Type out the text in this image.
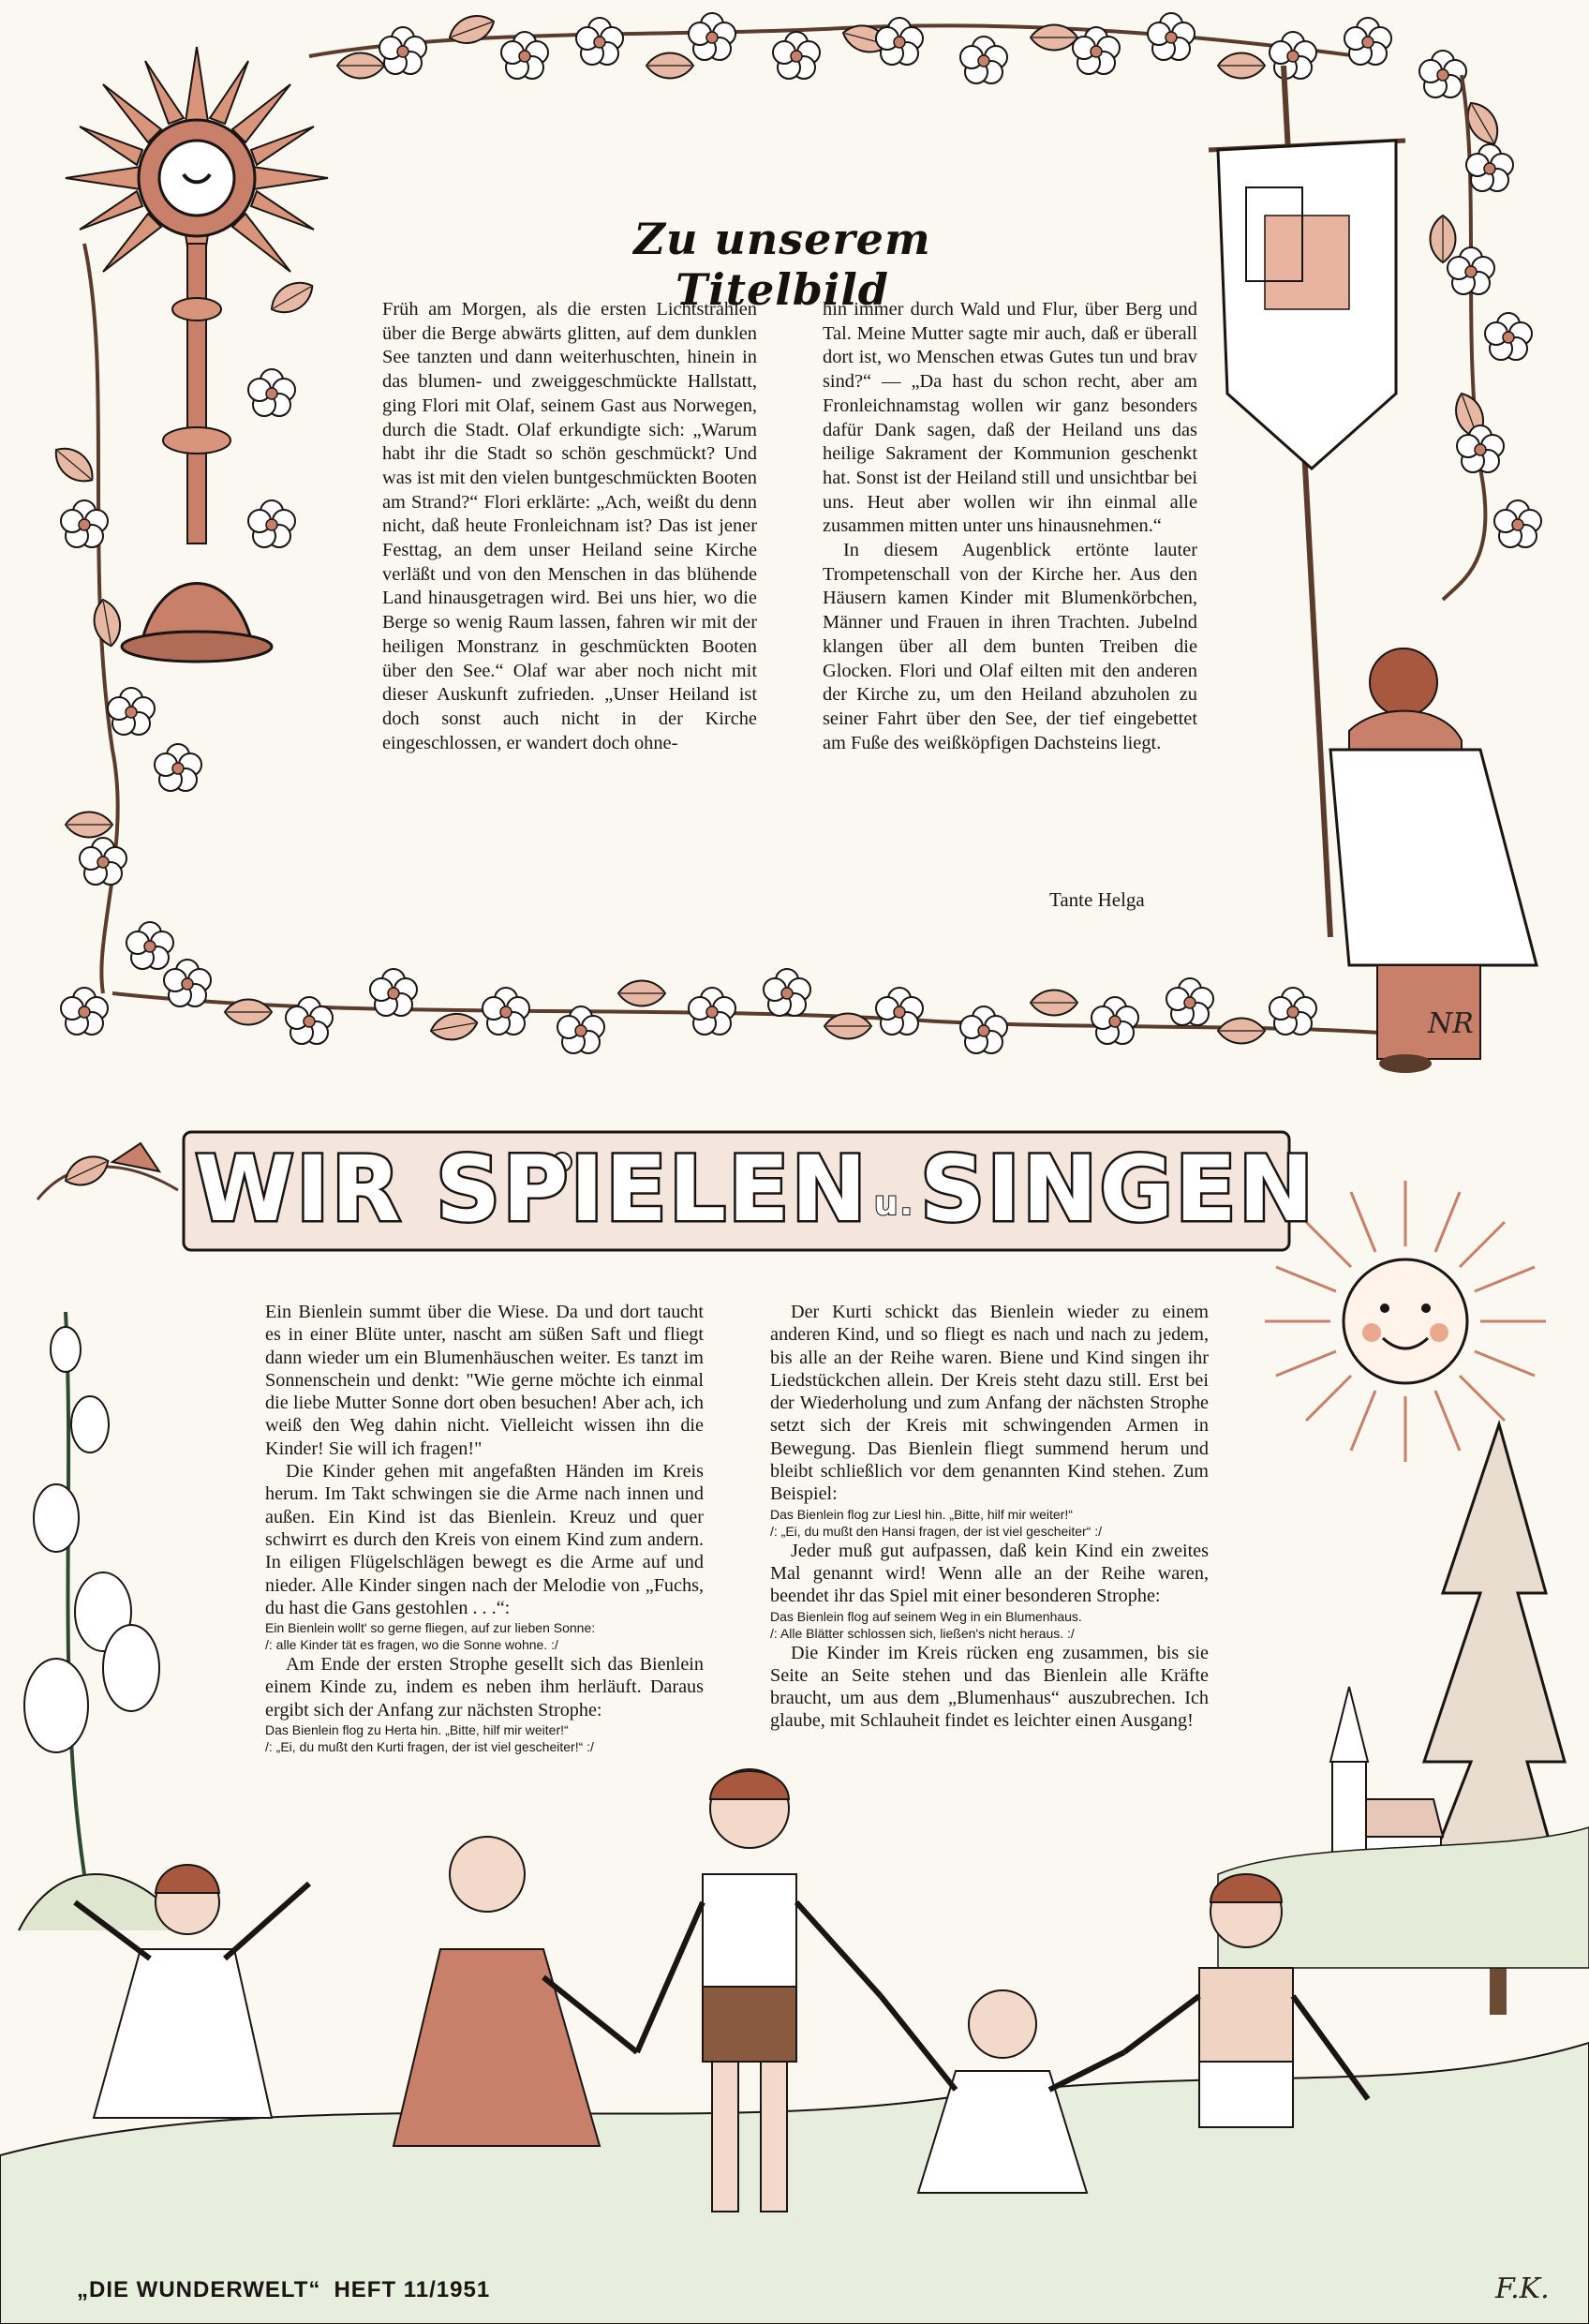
Zu unserem Titelbild

Früh am Morgen, als die ersten Lichtstrahlen über die Berge abwärts glitten, auf dem dunklen See tanzten und dann weiterhuschten, hinein in das blumen- und zweiggeschmückte Hallstatt, ging Flori mit Olaf, seinem Gast aus Norwegen, durch die Stadt. Olaf erkundigte sich: „Warum habt ihr die Stadt so schön geschmückt? Und was ist mit den vielen buntgeschmückten Booten am Strand?“ Flori erklärte: „Ach, weißt du denn nicht, daß heute Fronleichnam ist? Das ist jener Festtag, an dem unser Heiland seine Kirche verläßt und von den Menschen in das blühende Land hinausgetragen wird. Bei uns hier, wo die Berge so wenig Raum lassen, fahren wir mit der heiligen Monstranz in geschmückten Booten über den See.“ Olaf war aber noch nicht mit dieser Auskunft zufrieden. „Unser Heiland ist doch sonst auch nicht in der Kirche eingeschlossen, er wandert doch ohne-

hin immer durch Wald und Flur, über Berg und Tal. Meine Mutter sagte mir auch, daß er überall dort ist, wo Menschen etwas Gutes tun und brav sind?“ — „Da hast du schon recht, aber am Fronleichnamstag wollen wir ganz besonders dafür Dank sagen, daß der Heiland uns das heilige Sakrament der Kommunion geschenkt hat. Sonst ist der Heiland still und unsichtbar bei uns. Heut aber wollen wir ihn einmal alle zusammen mitten unter uns hinausnehmen.“

In diesem Augenblick ertönte lauter Trompetenschall von der Kirche her. Aus den Häusern kamen Kinder mit Blumenkörbchen, Männer und Frauen in ihren Trachten. Jubelnd klangen über all dem bunten Treiben die Glocken. Flori und Olaf eilten mit den anderen der Kirche zu, um den Heiland abzuholen zu seiner Fahrt über den See, der tief eingebettet am Fuße des weißköpfigen Dachsteins liegt.

Tante Helga
NR
WIR SPIELEN u.SINGEN

Ein Bienlein summt über die Wiese. Da und dort taucht es in einer Blüte unter, nascht am süßen Saft und fliegt dann wieder um ein Blumenhäuschen weiter. Es tanzt im Sonnenschein und denkt: "Wie gerne möchte ich einmal die liebe Mutter Sonne dort oben besuchen! Aber ach, ich weiß den Weg dahin nicht. Vielleicht wissen ihn die Kinder! Sie will ich fragen!"

Die Kinder gehen mit angefaßten Händen im Kreis herum. Im Takt schwingen sie die Arme nach innen und außen. Ein Kind ist das Bienlein. Kreuz und quer schwirrt es durch den Kreis von einem Kind zum andern. In eiligen Flügelschlägen bewegt es die Arme auf und nieder. Alle Kinder singen nach der Melodie von „Fuchs, du hast die Gans gestohlen . . .“:

Ein Bienlein wollt' so gerne fliegen, auf zur lieben Sonne:

/: alle Kinder tät es fragen, wo die Sonne wohne. :/

Am Ende der ersten Strophe gesellt sich das Bienlein einem Kinde zu, indem es neben ihm herläuft. Daraus ergibt sich der Anfang zur nächsten Strophe:

Das Bienlein flog zu Herta hin. „Bitte, hilf mir weiter!“

/: „Ei, du mußt den Kurti fragen, der ist viel gescheiter!“ :/

Der Kurti schickt das Bienlein wieder zu einem anderen Kind, und so fliegt es nach und nach zu jedem, bis alle an der Reihe waren. Biene und Kind singen ihr Liedstückchen allein. Der Kreis steht dazu still. Erst bei der Wiederholung und zum Anfang der nächsten Strophe setzt sich der Kreis mit schwingenden Armen in Bewegung. Das Bienlein fliegt summend herum und bleibt schließlich vor dem genannten Kind stehen. Zum Beispiel:

Das Bienlein flog zur Liesl hin. „Bitte, hilf mir weiter!“

/: „Ei, du mußt den Hansi fragen, der ist viel gescheiter“ :/

Jeder muß gut aufpassen, daß kein Kind ein zweites Mal genannt wird! Wenn alle an der Reihe waren, beendet ihr das Spiel mit einer besonderen Strophe:

Das Bienlein flog auf seinem Weg in ein Blumenhaus.

/: Alle Blätter schlossen sich, ließen's nicht heraus. :/

Die Kinder im Kreis rücken eng zusammen, bis sie Seite an Seite stehen und das Bienlein alle Kräfte braucht, um aus dem „Blumenhaus“ auszubrechen. Ich glaube, mit Schlauheit findet es leichter einen Ausgang!

„DIE WUNDERWELT“ HEFT 11/1951	F.K.
